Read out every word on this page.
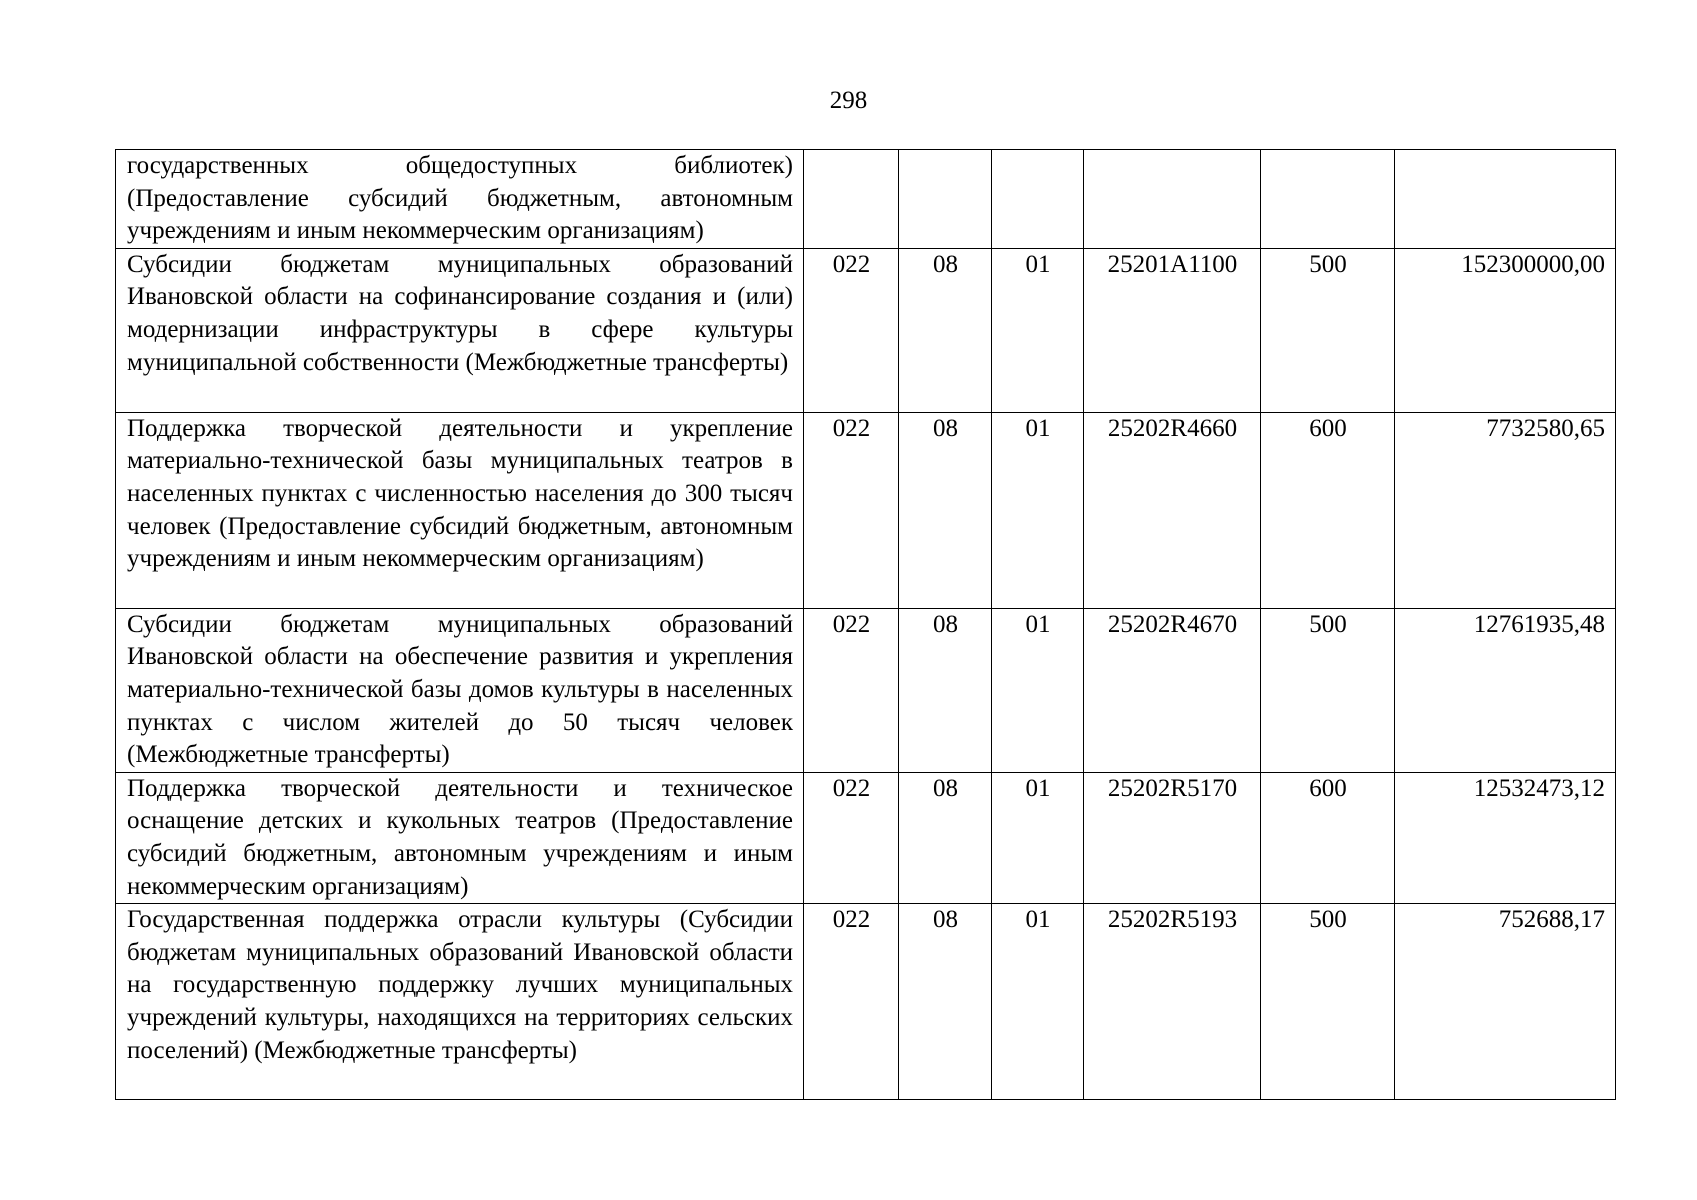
298
государственных общедоступных библиотек) (Предоставление субсидий бюджетным, автономным учреждениям и иным некоммерческим организациям)						
Субсидии бюджетам муниципальных образований Ивановской области на софинансирование создания и (или) модернизации инфраструктуры в сфере культуры муниципальной собственности (Межбюджетные трансферты)	022	08	01	25201A1100	500	152300000,00
Поддержка творческой деятельности и укрепление материально-технической базы муниципальных театров в населенных пунктах с численностью населения до 300 тысяч человек (Предоставление субсидий бюджетным, автономным учреждениям и иным некоммерческим организациям)	022	08	01	25202R4660	600	7732580,65
Субсидии бюджетам муниципальных образований Ивановской области на обеспечение развития и укрепления материально-технической базы домов культуры в населенных пунктах с числом жителей до 50 тысяч человек (Межбюджетные трансферты)	022	08	01	25202R4670	500	12761935,48
Поддержка творческой деятельности и техническое оснащение детских и кукольных театров (Предоставление субсидий бюджетным, автономным учреждениям и иным некоммерческим организациям)	022	08	01	25202R5170	600	12532473,12
Государственная поддержка отрасли культуры (Субсидии бюджетам муниципальных образований Ивановской области на государственную поддержку лучших муниципальных учреждений культуры, находящихся на территориях сельских поселений) (Межбюджетные трансферты)	022	08	01	25202R5193	500	752688,17
